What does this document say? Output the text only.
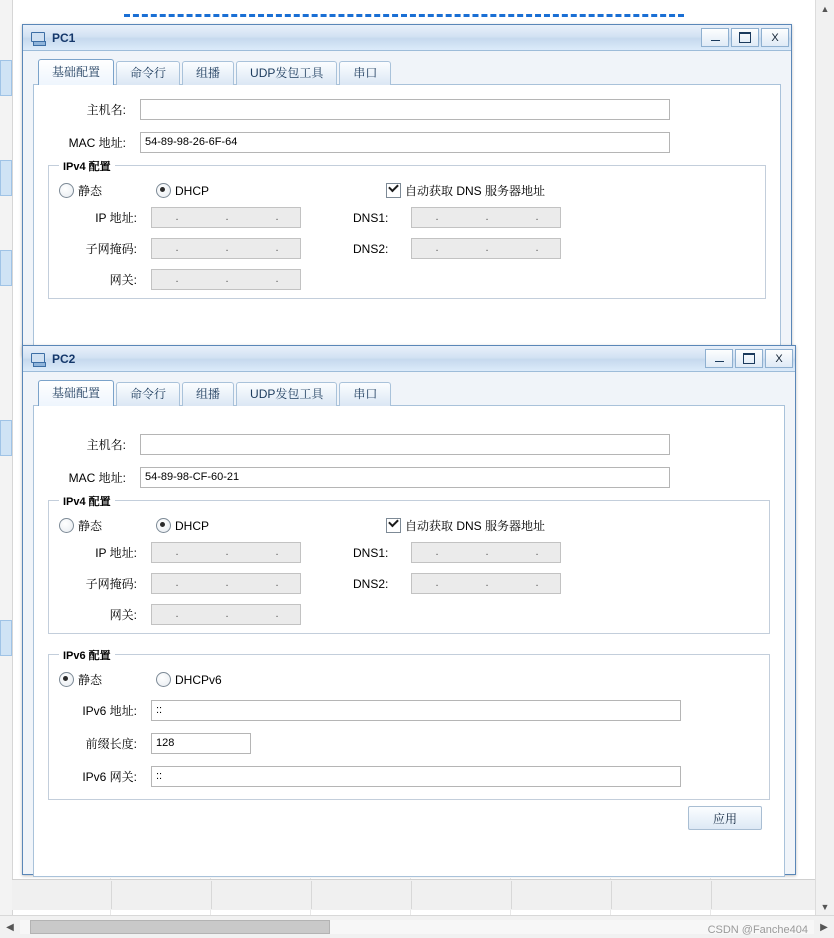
PC1	X
基础配置	命令行	组播	UDP发包工具	串口
主机名:
MAC 地址:	54-89-98-26-6F-64
IPv4 配置
静态	DHCP	自动获取 DNS 服务器地址
IP 地址:	.	.	.	DNS1:	.	.	.
子网掩码:	.	.	.	DNS2:	.	.	.
网关:	.	.	.
PC2	X
基础配置	命令行	组播	UDP发包工具	串口
主机名:
MAC 地址:	54-89-98-CF-60-21
IPv4 配置
静态	DHCP	自动获取 DNS 服务器地址
IP 地址:	.	.	.	DNS1:	.	.	.
子网掩码:	.	.	.	DNS2:	.	.	.
网关:	.	.	.
IPv6 配置
静态	DHCPv6
IPv6 地址:	::
前缀长度:	128
IPv6 网关:	::
应用
▲
▼
◀	▶
CSDN @Fanche404
